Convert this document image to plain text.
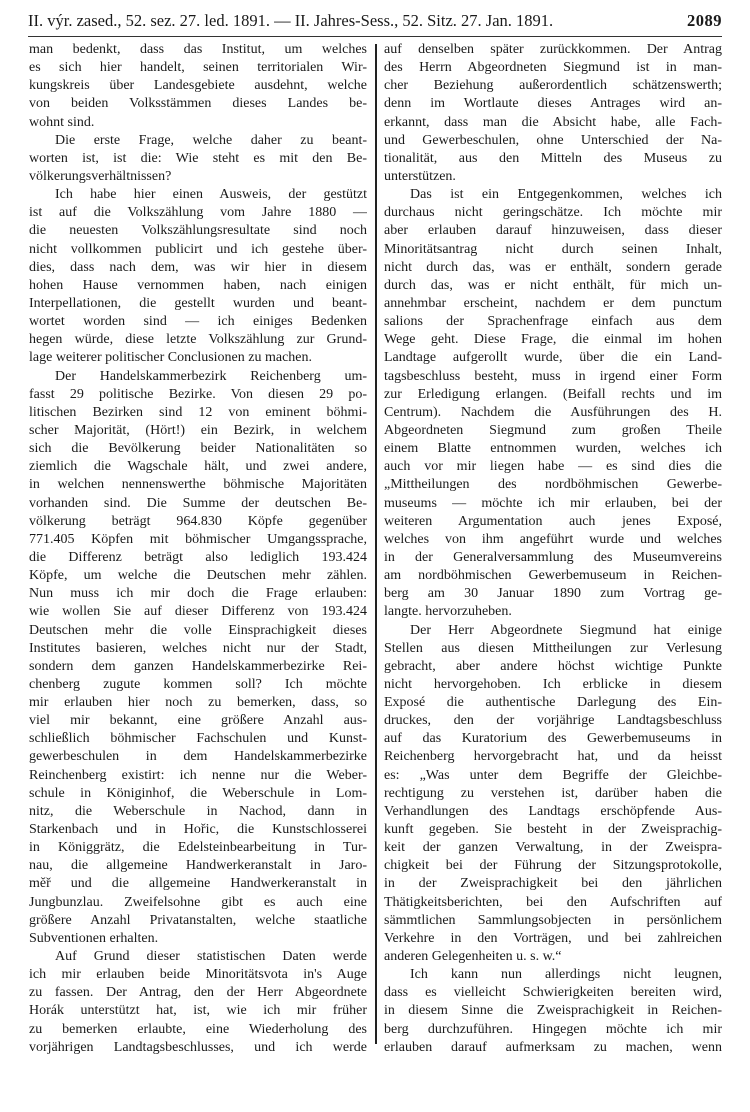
II. výr. zased., 52. sez. 27. led. 1891. — II. Jahres-Sess., 52. Sitz. 27. Jan. 1891.	2089
man bedenkt, dass das Institut, um welches
es sich hier handelt, seinen territorialen Wir-
kungskreis über Landesgebiete ausdehnt, welche
von beiden Volksstämmen dieses Landes be-
wohnt sind.
Die erste Frage, welche daher zu beant-
worten ist, ist die: Wie steht es mit den Be-
völkerungsverhältnissen?
Ich habe hier einen Ausweis, der gestützt
ist auf die Volkszählung vom Jahre 1880 —
die neuesten Volkszählungsresultate sind noch
nicht vollkommen publicirt und ich gestehe über-
dies, dass nach dem, was wir hier in diesem
hohen Hause vernommen haben, nach einigen
Interpellationen, die gestellt wurden und beant-
wortet worden sind — ich einiges Bedenken
hegen würde, diese letzte Volkszählung zur Grund-
lage weiterer politischer Conclusionen zu machen.
Der Handelskammerbezirk Reichenberg um-
fasst 29 politische Bezirke. Von diesen 29 po-
litischen Bezirken sind 12 von eminent böhmi-
scher Majorität, (Hört!) ein Bezirk, in welchem
sich die Bevölkerung beider Nationalitäten so
ziemlich die Wagschale hält, und zwei andere,
in welchen nennenswerthe böhmische Majoritäten
vorhanden sind. Die Summe der deutschen Be-
völkerung beträgt 964.830 Köpfe gegenüber
771.405 Köpfen mit böhmischer Umgangssprache,
die Differenz beträgt also lediglich 193.424
Köpfe, um welche die Deutschen mehr zählen.
Nun muss ich mir doch die Frage erlauben:
wie wollen Sie auf dieser Differenz von 193.424
Deutschen mehr die volle Einsprachigkeit dieses
Institutes basieren, welches nicht nur der Stadt,
sondern dem ganzen Handelskammerbezirke Rei-
chenberg zugute kommen soll? Ich möchte
mir erlauben hier noch zu bemerken, dass, so
viel mir bekannt, eine größere Anzahl aus-
schließlich böhmischer Fachschulen und Kunst-
gewerbeschulen in dem Handelskammerbezirke
Reinchenberg existirt: ich nenne nur die Weber-
schule in Königinhof, die Weberschule in Lom-
nitz, die Weberschule in Nachod, dann in
Starkenbach und in Hořic, die Kunstschlosserei
in Königgrätz, die Edelsteinbearbeitung in Tur-
nau, die allgemeine Handwerkeranstalt in Jaro-
měř und die allgemeine Handwerkeranstalt in
Jungbunzlau. Zweifelsohne gibt es auch eine
größere Anzahl Privatanstalten, welche staatliche
Subventionen erhalten.
Auf Grund dieser statistischen Daten werde
ich mir erlauben beide Minoritätsvota in's Auge
zu fassen. Der Antrag, den der Herr Abgeordnete
Horák unterstützt hat, ist, wie ich mir früher
zu bemerken erlaubte, eine Wiederholung des
vorjährigen Landtagsbeschlusses, und ich werde
auf denselben später zurückkommen. Der Antrag
des Herrn Abgeordneten Siegmund ist in man-
cher Beziehung außerordentlich schätzenswerth;
denn im Wortlaute dieses Antrages wird an-
erkannt, dass man die Absicht habe, alle Fach-
und Gewerbeschulen, ohne Unterschied der Na-
tionalität, aus den Mitteln des Museus zu
unterstützen.
Das ist ein Entgegenkommen, welches ich
durchaus nicht geringschätze. Ich möchte mir
aber erlauben darauf hinzuweisen, dass dieser
Minoritätsantrag nicht durch seinen Inhalt,
nicht durch das, was er enthält, sondern gerade
durch das, was er nicht enthält, für mich un-
annehmbar erscheint, nachdem er dem punctum
salions der Sprachenfrage einfach aus dem
Wege geht. Diese Frage, die einmal im hohen
Landtage aufgerollt wurde, über die ein Land-
tagsbeschluss besteht, muss in irgend einer Form
zur Erledigung erlangen. (Beifall rechts und im
Centrum). Nachdem die Ausführungen des H.
Abgeordneten Siegmund zum großen Theile
einem Blatte entnommen wurden, welches ich
auch vor mir liegen habe — es sind dies die
„Mittheilungen des nordböhmischen Gewerbe-
museums — möchte ich mir erlauben, bei der
weiteren Argumentation auch jenes Exposé,
welches von ihm angeführt wurde und welches
in der Generalversammlung des Museumvereins
am nordböhmischen Gewerbemuseum in Reichen-
berg am 30 Januar 1890 zum Vortrag ge-
langte. hervorzuheben.
Der Herr Abgeordnete Siegmund hat einige
Stellen aus diesen Mittheilungen zur Verlesung
gebracht, aber andere höchst wichtige Punkte
nicht hervorgehoben. Ich erblicke in diesem
Exposé die authentische Darlegung des Ein-
druckes, den der vorjährige Landtagsbeschluss
auf das Kuratorium des Gewerbemuseums in
Reichenberg hervorgebracht hat, und da heisst
es: „Was unter dem Begriffe der Gleichbe-
rechtigung zu verstehen ist, darüber haben die
Verhandlungen des Landtags erschöpfende Aus-
kunft gegeben. Sie besteht in der Zweisprachig-
keit der ganzen Verwaltung, in der Zweispra-
chigkeit bei der Führung der Sitzungsprotokolle,
in der Zweisprachigkeit bei den jährlichen
Thätigkeitsberichten, bei den Aufschriften auf
sämmtlichen Sammlungsobjecten in persönlichem
Verkehre in den Vorträgen, und bei zahlreichen
anderen Gelegenheiten u. s. w.“
Ich kann nun allerdings nicht leugnen,
dass es vielleicht Schwierigkeiten bereiten wird,
in diesem Sinne die Zweisprachigkeit in Reichen-
berg durchzuführen. Hingegen möchte ich mir
erlauben darauf aufmerksam zu machen, wenn
